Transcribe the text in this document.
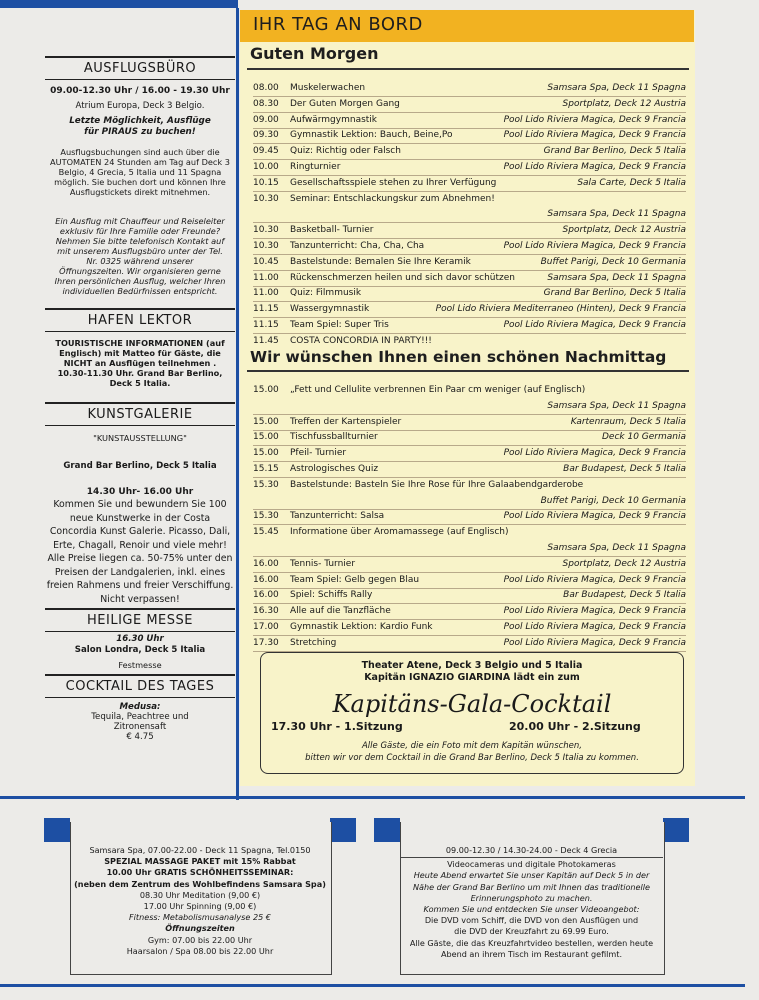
AUSFLUGSBÜRO
09.00-12.30 Uhr / 16.00 - 19.30 Uhr
Atrium Europa, Deck 3 Belgio.
Letzte Möglichkeit, Ausflüge für PIRAUS zu buchen!
Ausflugsbuchungen sind auch über die AUTOMATEN 24 Stunden am Tag auf Deck 3 Belgio, 4 Grecia, 5 Italia und 11 Spagna möglich. Sie buchen dort und können Ihre Ausflugstickets direkt mitnehmen.
Ein Ausflug mit Chauffeur und Reiseleiter exklusiv für Ihre Familie oder Freunde? Nehmen Sie bitte telefonisch Kontakt auf mit unserem Ausflugsbüro unter der Tel. Nr. 0325 während unserer Öffnungszeiten. Wir organisieren gerne Ihren persönlichen Ausflug, welcher Ihren individuellen Bedürfnissen entspricht.
HAFEN LEKTOR
TOURISTISCHE INFORMATIONEN (auf Englisch) mit Matteo für Gäste, die NICHT an Ausflügen teilnehmen . 10.30-11.30 Uhr. Grand Bar Berlino, Deck 5 Italia.
KUNSTGALERIE
"KUNSTAUSSTELLUNG"
Grand Bar Berlino, Deck 5 Italia
14.30 Uhr- 16.00 Uhr
Kommen Sie und bewundern Sie 100 neue Kunstwerke in der Costa Concordia Kunst Galerie. Picasso, Dali, Erte, Chagall, Renoir und viele mehr! Alle Preise liegen ca. 50-75% unter den Preisen der Landgalerien, inkl. eines freien Rahmens und freier Verschiffung.
Nicht verpassen!
HEILIGE MESSE
16.30 Uhr
Salon Londra, Deck 5 Italia
Festmesse
COCKTAIL DES TAGES
Medusa:
Tequila, Peachtree und Zitronensaft
€ 4.75
IHR TAG AN BORD
Guten Morgen
Wir wünschen Ihnen einen schönen Nachmittag
Theater Atene, Deck 3 Belgio und 5 Italia
Kapitän IGNAZIO GIARDINA lädt ein zum
Kapitäns-Gala-Cocktail
17.30 Uhr - 1.Sitzung	20.00 Uhr - 2.Sitzung
Alle Gäste, die ein Foto mit dem Kapitän wünschen,
bitten wir vor dem Cocktail in die Grand Bar Berlino, Deck 5 Italia zu kommen.
Samsara Spa, 07.00-22.00 - Deck 11 Spagna, Tel.0150
SPEZIAL MASSAGE PAKET mit 15% Rabbat
10.00 Uhr GRATIS SCHÖNHEITSSEMINAR:
(neben dem Zentrum des Wohlbefindens Samsara Spa)
08.30 Uhr Meditation (9,00 €)
17.00 Uhr Spinning (9,00 €)
Fitness: Metabolismusanalyse 25 €
Öffnungszeiten
Gym: 07.00 bis 22.00 Uhr
Haarsalon / Spa 08.00 bis 22.00 Uhr
09.00-12.30 / 14.30-24.00 - Deck 4 Grecia
Videocameras und digitale Photokameras
Heute Abend erwartet Sie unser Kapitän auf Deck 5 in der
Nähe der Grand Bar Berlino um mit Ihnen das traditionelle
Erinnerungsphoto zu machen.
Kommen Sie und entdecken Sie unser Videoangebot:
Die DVD vom Schiff, die DVD von den Ausflügen und
die DVD der Kreuzfahrt zu 69.99 Euro.
Alle Gäste, die das Kreuzfahrtvideo bestellen, werden heute
Abend an ihrem Tisch im Restaurant gefilmt.
08.00	Muskelerwachen	Samsara Spa, Deck 11 Spagna
08.30	Der Guten Morgen Gang	Sportplatz, Deck 12 Austria
09.00	Aufwärmgymnastik	Pool Lido Riviera Magica, Deck 9 Francia
09.30	Gymnastik Lektion: Bauch, Beine,Po	Pool Lido Riviera Magica, Deck 9 Francia
09.45	Quiz: Richtig oder Falsch	Grand Bar Berlino, Deck 5 Italia
10.00	Ringturnier	Pool Lido Riviera Magica, Deck 9 Francia
10.15	Gesellschaftsspiele stehen zu Ihrer Verfügung	Sala Carte, Deck 5 Italia
10.30	Seminar: Entschlackungskur zum Abnehmen!
Samsara Spa, Deck 11 Spagna
10.30	Basketball- Turnier	Sportplatz, Deck 12 Austria
10.30	Tanzunterricht: Cha, Cha, Cha	Pool Lido Riviera Magica, Deck 9 Francia
10.45	Bastelstunde: Bemalen Sie Ihre Keramik	Buffet Parigi, Deck 10 Germania
11.00	Rückenschmerzen heilen und sich davor schützen	Samsara Spa, Deck 11 Spagna
11.00	Quiz: Filmmusik	Grand Bar Berlino, Deck 5 Italia
11.15	Wassergymnastik	Pool Lido Riviera Mediterraneo (Hinten), Deck 9 Francia
11.15	Team Spiel: Super Tris	Pool Lido Riviera Magica, Deck 9 Francia
11.45	COSTA CONCORDIA IN PARTY!!!
15.00	„Fett und Cellulite verbrennen Ein Paar cm weniger (auf Englisch)
Samsara Spa, Deck 11 Spagna
15.00	Treffen der Kartenspieler	Kartenraum, Deck 5 Italia
15.00	Tischfussballturnier	Deck 10 Germania
15.00	Pfeil- Turnier	Pool Lido Riviera Magica, Deck 9 Francia
15.15	Astrologisches Quiz	Bar Budapest, Deck 5 Italia
15.30	Bastelstunde: Basteln Sie Ihre Rose für Ihre Galaabendgarderobe
Buffet Parigi, Deck 10 Germania
15.30	Tanzunterricht: Salsa	Pool Lido Riviera Magica, Deck 9 Francia
15.45	Informatione über Aromamassege (auf Englisch)
Samsara Spa, Deck 11 Spagna
16.00	Tennis- Turnier	Sportplatz, Deck 12 Austria
16.00	Team Spiel: Gelb gegen Blau	Pool Lido Riviera Magica, Deck 9 Francia
16.00	Spiel: Schiffs Rally	Bar Budapest, Deck 5 Italia
16.30	Alle auf die Tanzfläche	Pool Lido Riviera Magica, Deck 9 Francia
17.00	Gymnastik Lektion: Kardio Funk	Pool Lido Riviera Magica, Deck 9 Francia
17.30	Stretching	Pool Lido Riviera Magica, Deck 9 Francia
